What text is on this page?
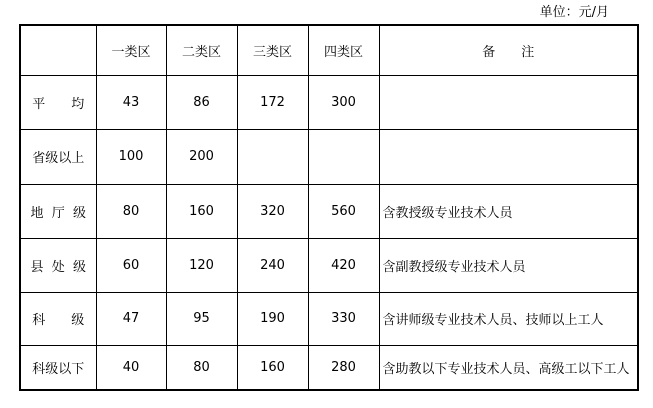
单位：元/月
	一类区	二类区	三类区	四类区	备　　注
平　　均	43	86	172	300	
省级以上	100	200			
地  厅  级	80	160	320	560	含教授级专业技术人员
县  处  级	60	120	240	420	含副教授级专业技术人员
科　　级	47	95	190	330	含讲师级专业技术人员、技师以上工人
科级以下	40	80	160	280	含助教以下专业技术人员、高级工以下工人
